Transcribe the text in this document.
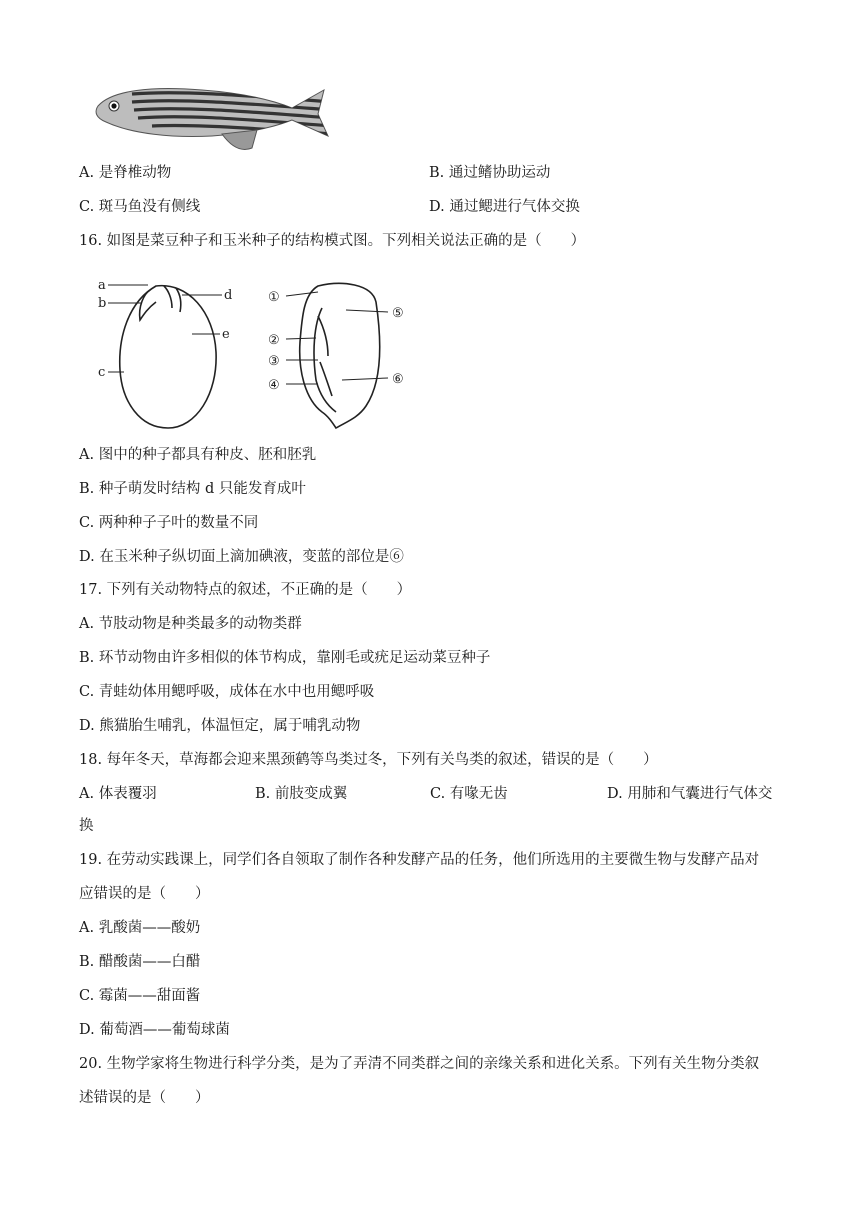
A. 是脊椎动物	B. 通过鳍协助运动
C. 斑马鱼没有侧线	D. 通过鳃进行气体交换
16. 如图是菜豆种子和玉米种子的结构模式图。下列相关说法正确的是（　　）
a
b
c
d
e
①
②
③
④
⑤
⑥
A. 图中的种子都具有种皮、胚和胚乳
B. 种子萌发时结构 d 只能发育成叶
C. 两种种子子叶的数量不同
D. 在玉米种子纵切面上滴加碘液，变蓝的部位是⑥
17. 下列有关动物特点的叙述，不正确的是（　　）
A. 节肢动物是种类最多的动物类群
B. 环节动物由许多相似的体节构成，靠刚毛或疣足运动菜豆种子
C. 青蛙幼体用鳃呼吸，成体在水中也用鳃呼吸
D. 熊猫胎生哺乳，体温恒定，属于哺乳动物
18. 每年冬天，草海都会迎来黑颈鹤等鸟类过冬，下列有关鸟类的叙述，错误的是（　　）
A. 体表覆羽	B. 前肢变成翼	C. 有喙无齿	D. 用肺和气囊进行气体交
换
19. 在劳动实践课上，同学们各自领取了制作各种发酵产品的任务，他们所选用的主要微生物与发酵产品对
应错误的是（　　）
A. 乳酸菌——酸奶
B. 醋酸菌——白醋
C. 霉菌——甜面酱
D. 葡萄酒——葡萄球菌
20. 生物学家将生物进行科学分类，是为了弄清不同类群之间的亲缘关系和进化关系。下列有关生物分类叙
述错误的是（　　）
